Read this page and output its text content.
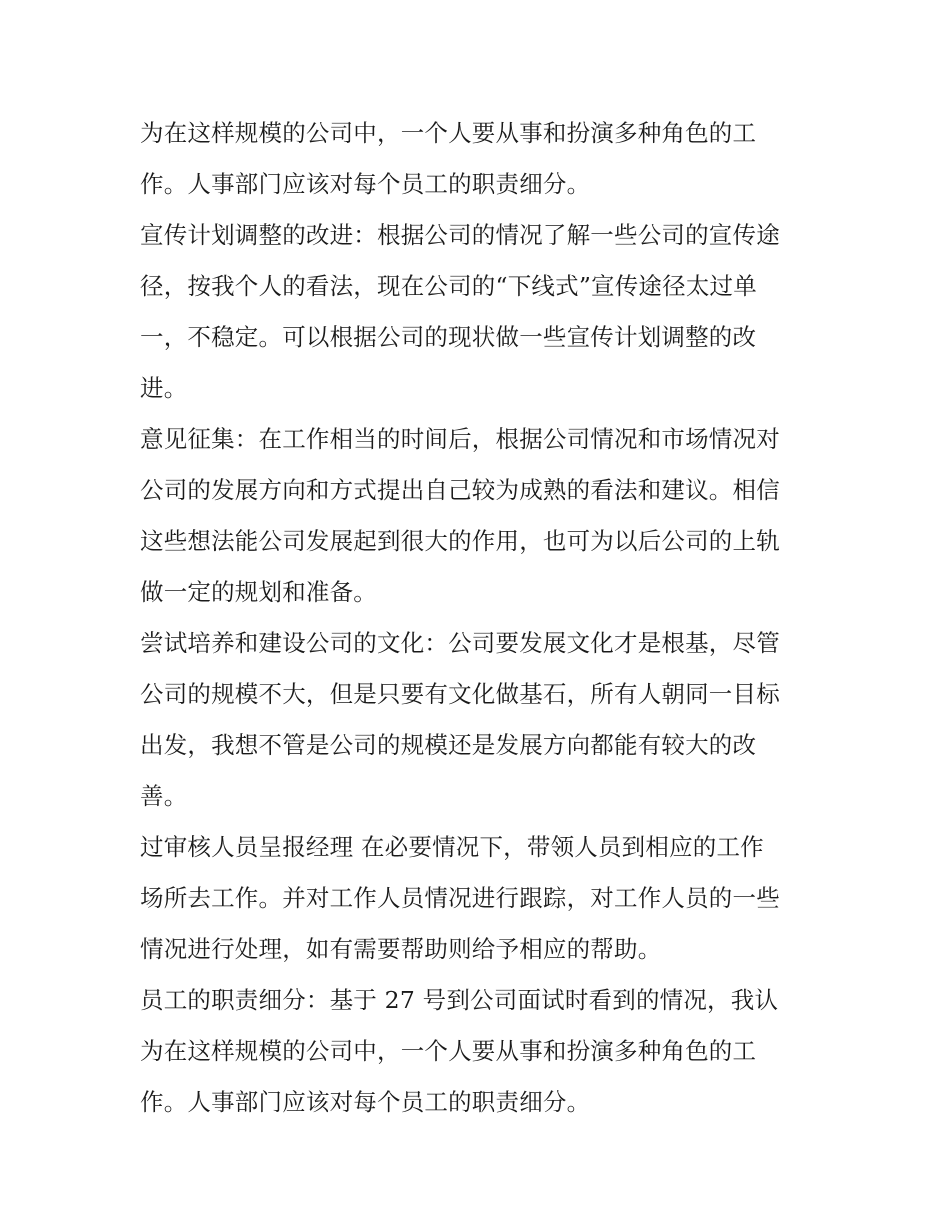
为在这样规模的公司中，一个人要从事和扮演多种角色的工
作。人事部门应该对每个员工的职责细分。
宣传计划调整的改进：根据公司的情况了解一些公司的宣传途
径，按我个人的看法，现在公司的“下线式”宣传途径太过单
一，不稳定。可以根据公司的现状做一些宣传计划调整的改
进。
意见征集：在工作相当的时间后，根据公司情况和市场情况对
公司的发展方向和方式提出自己较为成熟的看法和建议。相信
这些想法能公司发展起到很大的作用，也可为以后公司的上轨
做一定的规划和准备。
尝试培养和建设公司的文化：公司要发展文化才是根基，尽管
公司的规模不大，但是只要有文化做基石，所有人朝同一目标
出发，我想不管是公司的规模还是发展方向都能有较大的改
善。
过审核人员呈报经理 在必要情况下，带领人员到相应的工作
场所去工作。并对工作人员情况进行跟踪，对工作人员的一些
情况进行处理，如有需要帮助则给予相应的帮助。
员工的职责细分：基于 27 号到公司面试时看到的情况，我认
为在这样规模的公司中，一个人要从事和扮演多种角色的工
作。人事部门应该对每个员工的职责细分。
